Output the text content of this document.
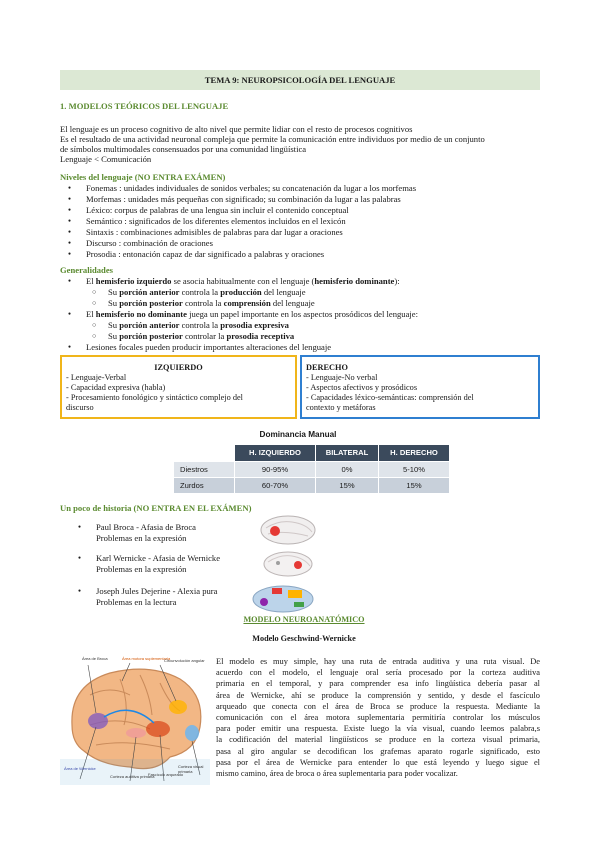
TEMA 9: NEUROPSICOLOGÍA DEL LENGUAJE
1. MODELOS TEÓRICOS DEL LENGUAJE
El lenguaje es un proceso cognitivo de alto nivel que permite lidiar con el resto de procesos cognitivos
Es el resultado de una actividad neuronal compleja que permite la comunicación entre individuos por medio de un conjunto
de símbolos multimodales consensuados por una comunidad lingüística
Lenguaje < Comunicación
Niveles del lenguaje (NO ENTRA EXÁMEN)
● Fonemas : unidades individuales de sonidos verbales; su concatenación da lugar a los morfemas
● Morfemas : unidades más pequeñas con significado; su combinación da lugar a las palabras
● Léxico: corpus de palabras de una lengua sin incluir el contenido conceptual
● Semántico : significados de los diferentes elementos incluidos en el lexicón
● Sintaxis : combinaciones admisibles de palabras para dar lugar a oraciones
● Discurso : combinación de oraciones
● Prosodia : entonación capaz de dar significado a palabras y oraciones
Generalidades
● El hemisferio izquierdo se asocia habitualmente con el lenguaje (hemisferio dominante):
○ Su porción anterior controla la producción del lenguaje
○ Su porción posterior controla la comprensión del lenguaje
● El hemisferio no dominante juega un papel importante en los aspectos prosódicos del lenguaje:
○ Su porción anterior controla la prosodia expresiva
○ Su porción posterior controlar la prosodia receptiva
● Lesiones focales pueden producir importantes alteraciones del lenguaje
IZQUIERDO
- Lenguaje-Verbal
- Capacidad expresiva (habla)
- Procesamiento fonológico y sintáctico complejo del
discurso
DERECHO
- Lenguaje-No verbal
- Aspectos afectivos y prosódicos
- Capacidades léxico-semánticas: comprensión del
contexto y metáforas
Dominancia Manual
	H. IZQUIERDO	BILATERAL	H. DERECHO
Diestros	90-95%	0%	5-10%
Zurdos	60-70%	15%	15%
Un poco de historia (NO ENTRA EN EL EXÁMEN)
● Paul Broca - Afasia de Broca
Problemas en la expresión
● Karl Wernicke - Afasia de Wernicke
Problemas en la expresión
● Joseph Jules Dejerine - Alexia pura
Problemas en la lectura
MODELO NEUROANATÓMICO
Modelo Geschwind-Wernicke
Área de Broca	Área motora suplementaria
Circunvolución angular
Área de Wernicke
Corteza auditiva primaria
Fascículo arqueado
Corteza visual primaria
El modelo es muy simple, hay una ruta de entrada auditiva y una ruta visual. De
acuerdo con el modelo, el lenguaje oral sería procesado por la corteza auditiva
primaria en el temporal, y para comprender esa info lingüística debería pasar al
área de Wernicke, ahí se produce la comprensión y sentido, y desde el fascículo
arqueado que conecta con el área de Broca se produce la respuesta. Mediante la
comunicación con el área motora suplementaria permitiría controlar los músculos
para poder emitir una respuesta. Existe luego la vía visual, cuando leemos palabra,s
la codificación del material lingüísticos se produce en la corteza visual primaria,
pasa al giro angular se decodifican los grafemas aparato rogarle significado, esto
pasa por el área de Wernicke para entender lo que está leyendo y luego sigue el
mismo camino, área de broca o área suplementaria para poder vocalizar.
